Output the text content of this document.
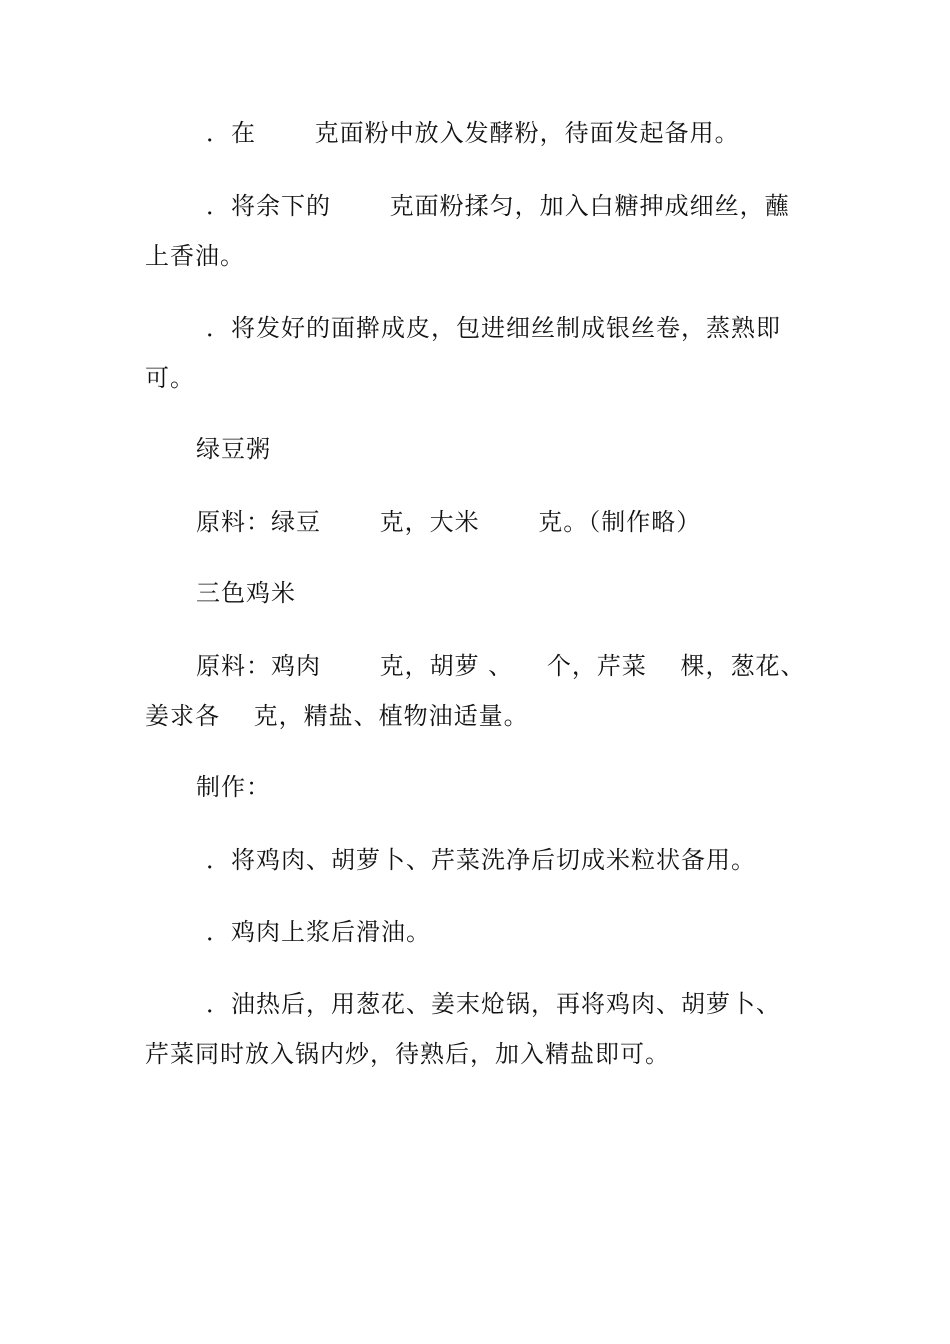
．在 　　克面粉中放入发酵粉，待面发起备用。
．将余下的 　　克面粉揉匀，加入白糖抻成细丝，蘸
上香油。
．将发好的面擀成皮，包进细丝制成银丝卷，蒸熟即
可。
绿豆粥
原料：绿豆 　　克，大米 　　克。（制作略）
三色鸡米
原料：鸡肉 　　克，胡萝 、 　个，芹菜 　棵，葱花、
姜求各 　克，精盐、植物油适量。
制作：
．将鸡肉、胡萝卜、芹菜洗净后切成米粒状备用。
．鸡肉上浆后滑油。
．油热后，用葱花、姜末炝锅，再将鸡肉、胡萝卜、
芹菜同时放入锅内炒，待熟后，加入精盐即可。
